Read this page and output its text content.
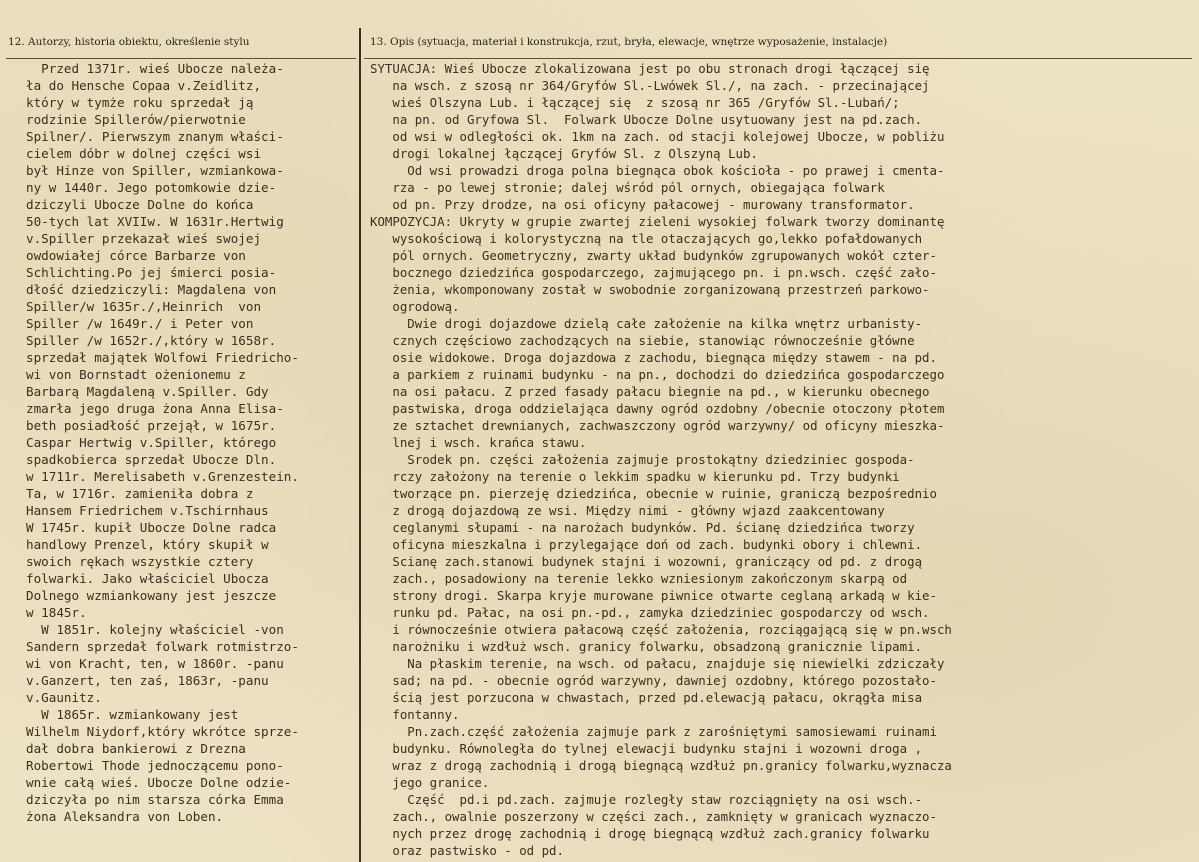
12. Autorzy, historia obiektu, określenie stylu	13. Opis (sytuacja, materiał i konstrukcja, rzut, bryła, elewacje, wnętrze wyposażenie, instalacje)
Przed 1371r. wieś Ubocze należa-
ła do Hensche Copaa v.Zeidlitz,
który w tymże roku sprzedał ją
rodzinie Spillerów/pierwotnie
Spilner/. Pierwszym znanym właści-
cielem dóbr w dolnej części wsi
był Hinze von Spiller, wzmiankowa-
ny w 1440r. Jego potomkowie dzie-
dziczyli Ubocze Dolne do końca
50-tych lat XVIIw. W 1631r.Hertwig
v.Spiller przekazał wieś swojej
owdowiałej córce Barbarze von
Schlichting.Po jej śmierci posia-
dłość dziedziczyli: Magdalena von
Spiller/w 1635r./,Heinrich  von
Spiller /w 1649r./ i Peter von
Spiller /w 1652r./,który w 1658r.
sprzedał majątek Wolfowi Friedricho-
wi von Bornstadt ożenionemu z
Barbarą Magdaleną v.Spiller. Gdy
zmarła jego druga żona Anna Elisa-
beth posiadłość przejął, w 1675r.
Caspar Hertwig v.Spiller, którego
spadkobierca sprzedał Ubocze Dln.
w 1711r. Merelisabeth v.Grenzestein.
Ta, w 1716r. zamieniła dobra z
Hansem Friedrichem v.Tschirnhaus
W 1745r. kupił Ubocze Dolne radca
handlowy Prenzel, który skupił w
swoich rękach wszystkie cztery
folwarki. Jako właściciel Ubocza
Dolnego wzmiankowany jest jeszcze
w 1845r.
W 1851r. kolejny właściciel -von
Sandern sprzedał folwark rotmistrzo-
wi von Kracht, ten, w 1860r. -panu
v.Ganzert, ten zaś, 1863r, -panu
v.Gaunitz.
W 1865r. wzmiankowany jest
Wilhelm Niydorf,który wkrótce sprze-
dał dobra bankierowi z Drezna
Robertowi Thode jednoczącemu pono-
wnie całą wieś. Ubocze Dolne odzie-
dziczyła po nim starsza córka Emma
żona Aleksandra von Loben.
SYTUACJA: Wieś Ubocze zlokalizowana jest po obu stronach drogi łączącej się
na wsch. z szosą nr 364/Gryfów Sl.-Lwówek Sl./, na zach. - przecinającej
wieś Olszyna Lub. i łączącej się  z szosą nr 365 /Gryfów Sl.-Lubań/;
na pn. od Gryfowa Sl.  Folwark Ubocze Dolne usytuowany jest na pd.zach.
od wsi w odległości ok. 1km na zach. od stacji kolejowej Ubocze, w pobliżu
drogi lokalnej łączącej Gryfów Sl. z Olszyną Lub.
Od wsi prowadzi droga polna biegnąca obok kościoła - po prawej i cmenta-
rza - po lewej stronie; dalej wśród pól ornych, obiegająca folwark
od pn. Przy drodze, na osi oficyny pałacowej - murowany transformator.
KOMPOZYCJA: Ukryty w grupie zwartej zieleni wysokiej folwark tworzy dominantę
wysokościową i kolorystyczną na tle otaczających go,lekko pofałdowanych
pól ornych. Geometryczny, zwarty układ budynków zgrupowanych wokół czter-
bocznego dziedzińca gospodarczego, zajmującego pn. i pn.wsch. część zało-
żenia, wkomponowany został w swobodnie zorganizowaną przestrzeń parkowo-
ogrodową.
Dwie drogi dojazdowe dzielą całe założenie na kilka wnętrz urbanisty-
cznych częściowo zachodzących na siebie, stanowiąc równocześnie główne
osie widokowe. Droga dojazdowa z zachodu, biegnąca między stawem - na pd.
a parkiem z ruinami budynku - na pn., dochodzi do dziedzińca gospodarczego
na osi pałacu. Z przed fasady pałacu biegnie na pd., w kierunku obecnego
pastwiska, droga oddzielająca dawny ogród ozdobny /obecnie otoczony płotem
ze sztachet drewnianych, zachwaszczony ogród warzywny/ od oficyny mieszka-
lnej i wsch. krańca stawu.
Srodek pn. części założenia zajmuje prostokątny dziedziniec gospoda-
rczy założony na terenie o lekkim spadku w kierunku pd. Trzy budynki
tworzące pn. pierzeję dziedzińca, obecnie w ruinie, graniczą bezpośrednio
z drogą dojazdową ze wsi. Między nimi - główny wjazd zaakcentowany
ceglanymi słupami - na narożach budynków. Pd. ścianę dziedzińca tworzy
oficyna mieszkalna i przylegające doń od zach. budynki obory i chlewni.
Scianę zach.stanowi budynek stajni i wozowni, graniczący od pd. z drogą
zach., posadowiony na terenie lekko wzniesionym zakończonym skarpą od
strony drogi. Skarpa kryje murowane piwnice otwarte ceglaną arkadą w kie-
runku pd. Pałac, na osi pn.-pd., zamyka dziedziniec gospodarczy od wsch.
i równocześnie otwiera pałacową część założenia, rozciągającą się w pn.wsch
narożniku i wzdłuż wsch. granicy folwarku, obsadzoną granicznie lipami.
Na płaskim terenie, na wsch. od pałacu, znajduje się niewielki zdziczały
sad; na pd. - obecnie ogród warzywny, dawniej ozdobny, którego pozostało-
ścią jest porzucona w chwastach, przed pd.elewacją pałacu, okrągła misa
fontanny.
Pn.zach.część założenia zajmuje park z zarośniętymi samosiewami ruinami
budynku. Równoległa do tylnej elewacji budynku stajni i wozowni droga ,
wraz z drogą zachodnią i drogą biegnącą wzdłuż pn.granicy folwarku,wyznacza
jego granice.
Część  pd.i pd.zach. zajmuje rozległy staw rozciągnięty na osi wsch.-
zach., owalnie poszerzony w części zach., zamknięty w granicach wyznaczo-
nych przez drogę zachodnią i drogę biegnącą wzdłuż zach.granicy folwarku
oraz pastwisko - od pd.
